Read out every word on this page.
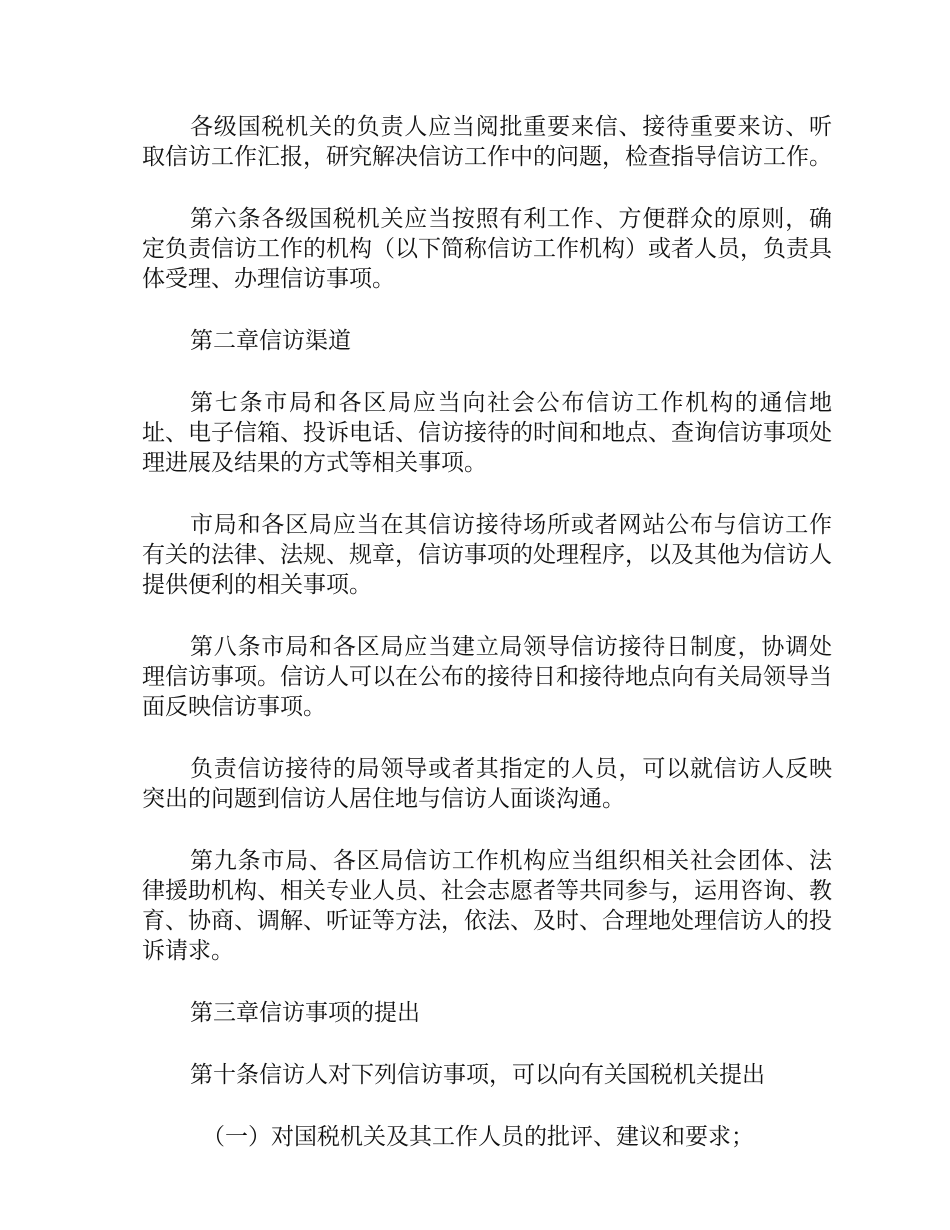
各级国税机关的负责人应当阅批重要来信、接待重要来访、听取信访工作汇报，研究解决信访工作中的问题，检查指导信访工作。

第六条各级国税机关应当按照有利工作、方便群众的原则，确定负责信访工作的机构（以下简称信访工作机构）或者人员，负责具体受理、办理信访事项。

第二章信访渠道

第七条市局和各区局应当向社会公布信访工作机构的通信地址、电子信箱、投诉电话、信访接待的时间和地点、查询信访事项处理进展及结果的方式等相关事项。

市局和各区局应当在其信访接待场所或者网站公布与信访工作有关的法律、法规、规章，信访事项的处理程序，以及其他为信访人提供便利的相关事项。

第八条市局和各区局应当建立局领导信访接待日制度，协调处理信访事项。信访人可以在公布的接待日和接待地点向有关局领导当面反映信访事项。

负责信访接待的局领导或者其指定的人员，可以就信访人反映突出的问题到信访人居住地与信访人面谈沟通。

第九条市局、各区局信访工作机构应当组织相关社会团体、法律援助机构、相关专业人员、社会志愿者等共同参与，运用咨询、教育、协商、调解、听证等方法，依法、及时、合理地处理信访人的投诉请求。

第三章信访事项的提出

第十条信访人对下列信访事项，可以向有关国税机关提出

（一）对国税机关及其工作人员的批评、建议和要求；
